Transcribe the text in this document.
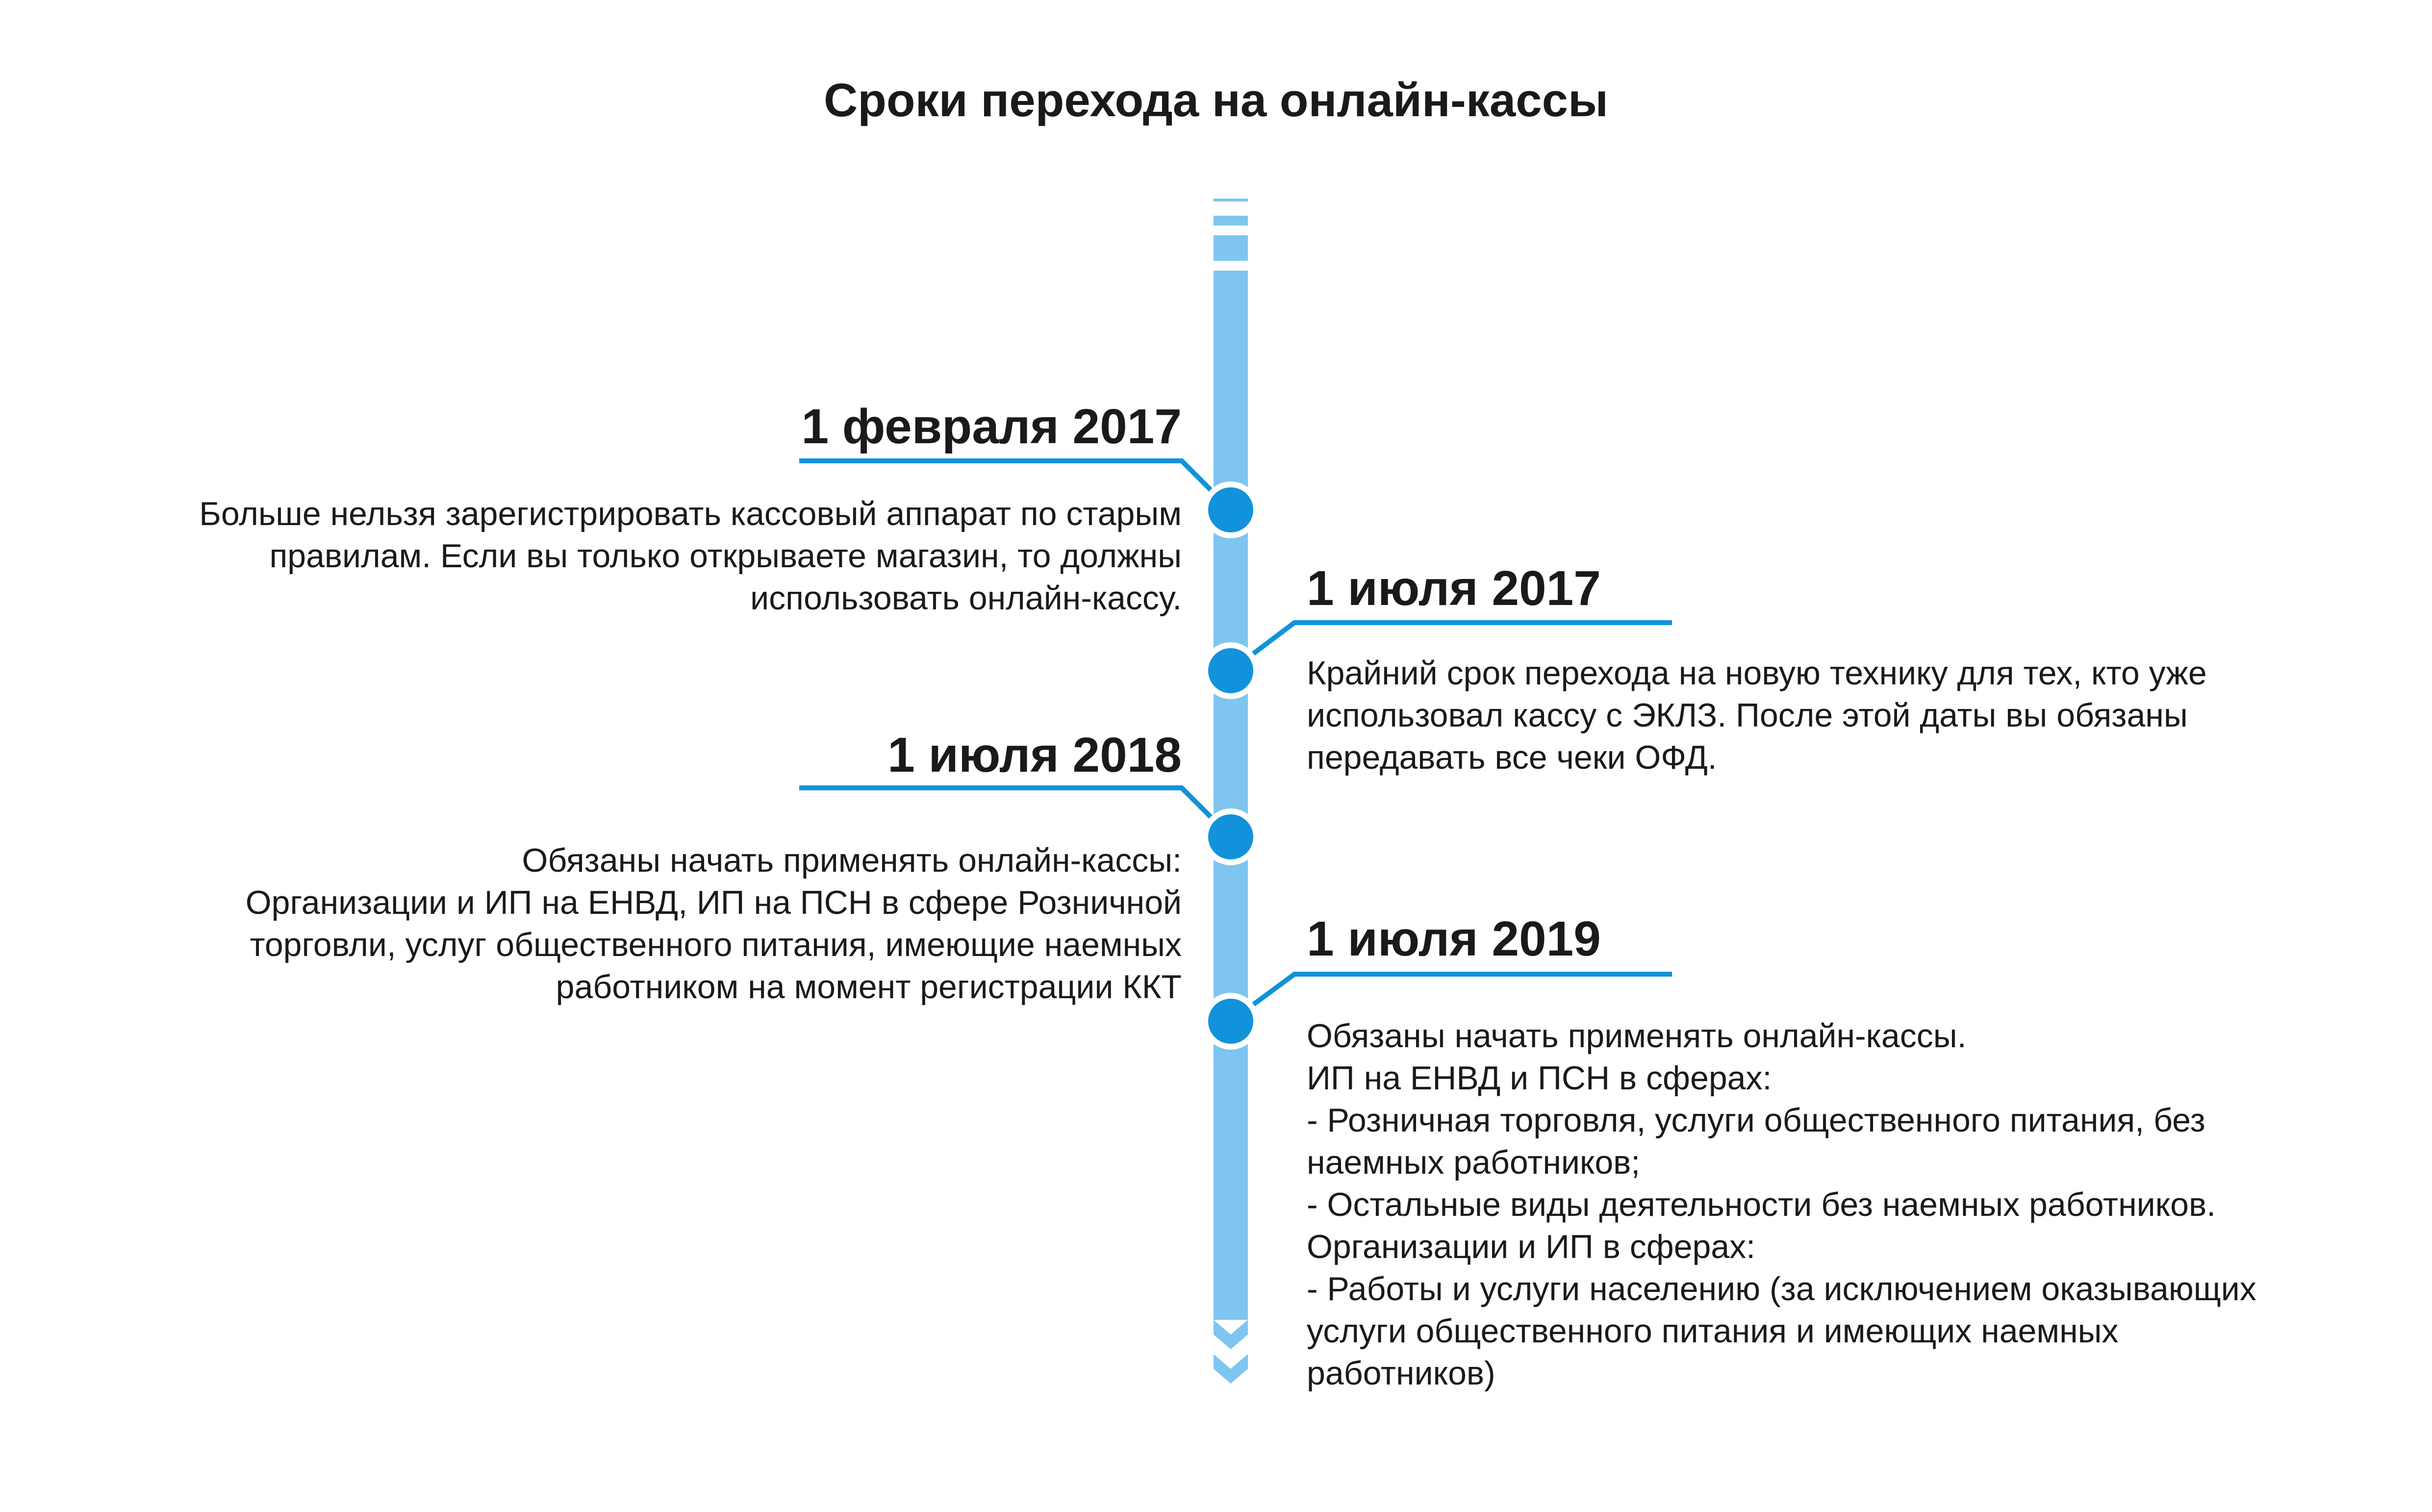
Сроки перехода на онлайн-кассы
1 февраля 2017
Больше нельзя зарегистрировать кассовый аппарат по старым
правилам. Если вы только открываете магазин, то должны
использовать онлайн-кассу.	1 июля 2017
Крайний срок перехода на новую технику для тех, кто уже
использовал кассу с ЭКЛЗ. После этой даты вы обязаны
передавать все чеки ОФД.
1 июля 2018
Обязаны начать применять онлайн-кассы:
Организации и ИП на ЕНВД, ИП на ПСН в сфере Розничной
торговли, услуг общественного питания, имеющие наемных
работником на момент регистрации ККТ
1 июля 2019
Обязаны начать применять онлайн-кассы.
ИП на ЕНВД и ПСН в сферах:
- Розничная торговля, услуги общественного питания, без
наемных работников;
- Остальные виды деятельности без наемных работников.
Организации и ИП в сферах:
- Работы и услуги населению (за исключением оказывающих
услуги общественного питания и имеющих наемных
работников)
